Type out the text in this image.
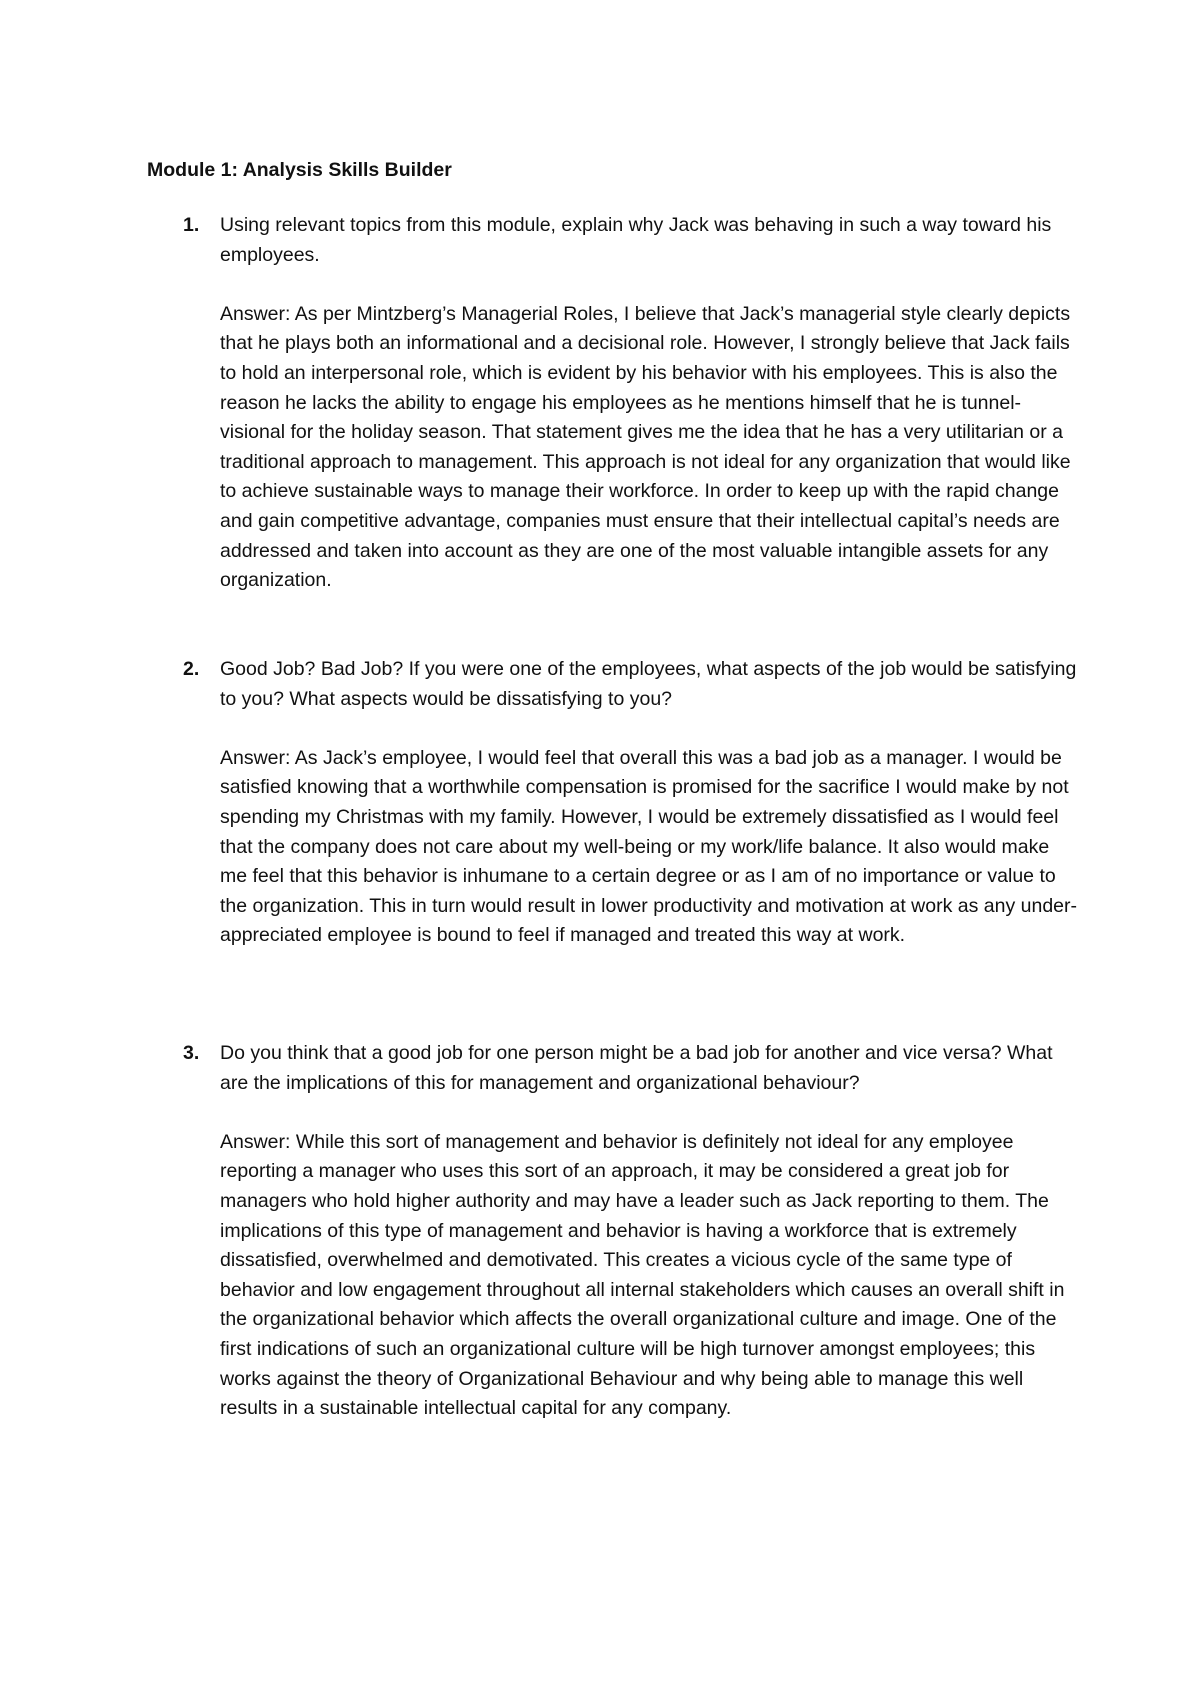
Module 1: Analysis Skills Builder
1. Using relevant topics from this module, explain why Jack was behaving in such a way toward his employees.

Answer: As per Mintzberg’s Managerial Roles, I believe that Jack’s managerial style clearly depicts that he plays both an informational and a decisional role. However, I strongly believe that Jack fails to hold an interpersonal role, which is evident by his behavior with his employees. This is also the reason he lacks the ability to engage his employees as he mentions himself that he is tunnel-visional for the holiday season. That statement gives me the idea that he has a very utilitarian or a traditional approach to management. This approach is not ideal for any organization that would like to achieve sustainable ways to manage their workforce. In order to keep up with the rapid change and gain competitive advantage, companies must ensure that their intellectual capital’s needs are addressed and taken into account as they are one of the most valuable intangible assets for any organization.

2. Good Job? Bad Job? If you were one of the employees, what aspects of the job would be satisfying to you? What aspects would be dissatisfying to you?

Answer: As Jack’s employee, I would feel that overall this was a bad job as a manager. I would be satisfied knowing that a worthwhile compensation is promised for the sacrifice I would make by not spending my Christmas with my family. However, I would be extremely dissatisfied as I would feel that the company does not care about my well-being or my work/life balance. It also would make me feel that this behavior is inhumane to a certain degree or as I am of no importance or value to the organization. This in turn would result in lower productivity and motivation at work as any under-appreciated employee is bound to feel if managed and treated this way at work.

3. Do you think that a good job for one person might be a bad job for another and vice versa? What are the implications of this for management and organizational behaviour?

Answer: While this sort of management and behavior is definitely not ideal for any employee reporting a manager who uses this sort of an approach, it may be considered a great job for managers who hold higher authority and may have a leader such as Jack reporting to them. The implications of this type of management and behavior is having a workforce that is extremely dissatisfied, overwhelmed and demotivated. This creates a vicious cycle of the same type of behavior and low engagement throughout all internal stakeholders which causes an overall shift in the organizational behavior which affects the overall organizational culture and image. One of the first indications of such an organizational culture will be high turnover amongst employees; this works against the theory of Organizational Behaviour and why being able to manage this well results in a sustainable intellectual capital for any company.
